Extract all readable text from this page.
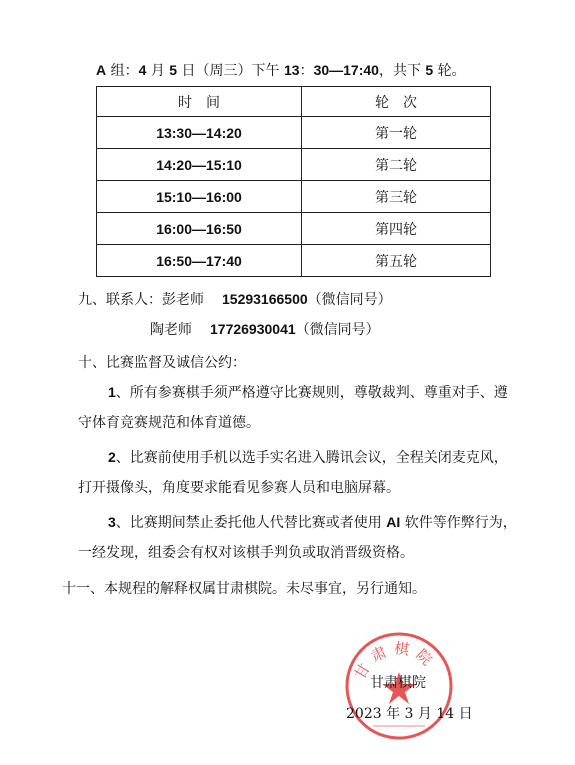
A 组：4 月 5 日（周三）下午 13：30—17:40，共下 5 轮。
时　间	轮　次
13:30—14:20	第一轮
14:20—15:10	第二轮
15:10—16:00	第三轮
16:00—16:50	第四轮
16:50—17:40	第五轮
九、联系人：彭老师 15293166500（微信同号）
陶老师 17726930041（微信同号）
十、比赛监督及诚信公约：
1、所有参赛棋手须严格遵守比赛规则，尊敬裁判、尊重对手、遵
守体育竞赛规范和体育道德。
2、比赛前使用手机以选手实名进入腾讯会议，全程关闭麦克风，
打开摄像头，角度要求能看见参赛人员和电脑屏幕。
3、比赛期间禁止委托他人代替比赛或者使用 AI 软件等作弊行为，
一经发现，组委会有权对该棋手判负或取消晋级资格。
十一、本规程的解释权属甘肃棋院。未尽事宜，另行通知。
甘肃棋院
甘肃棋院
2023 年 3 月 14 日
